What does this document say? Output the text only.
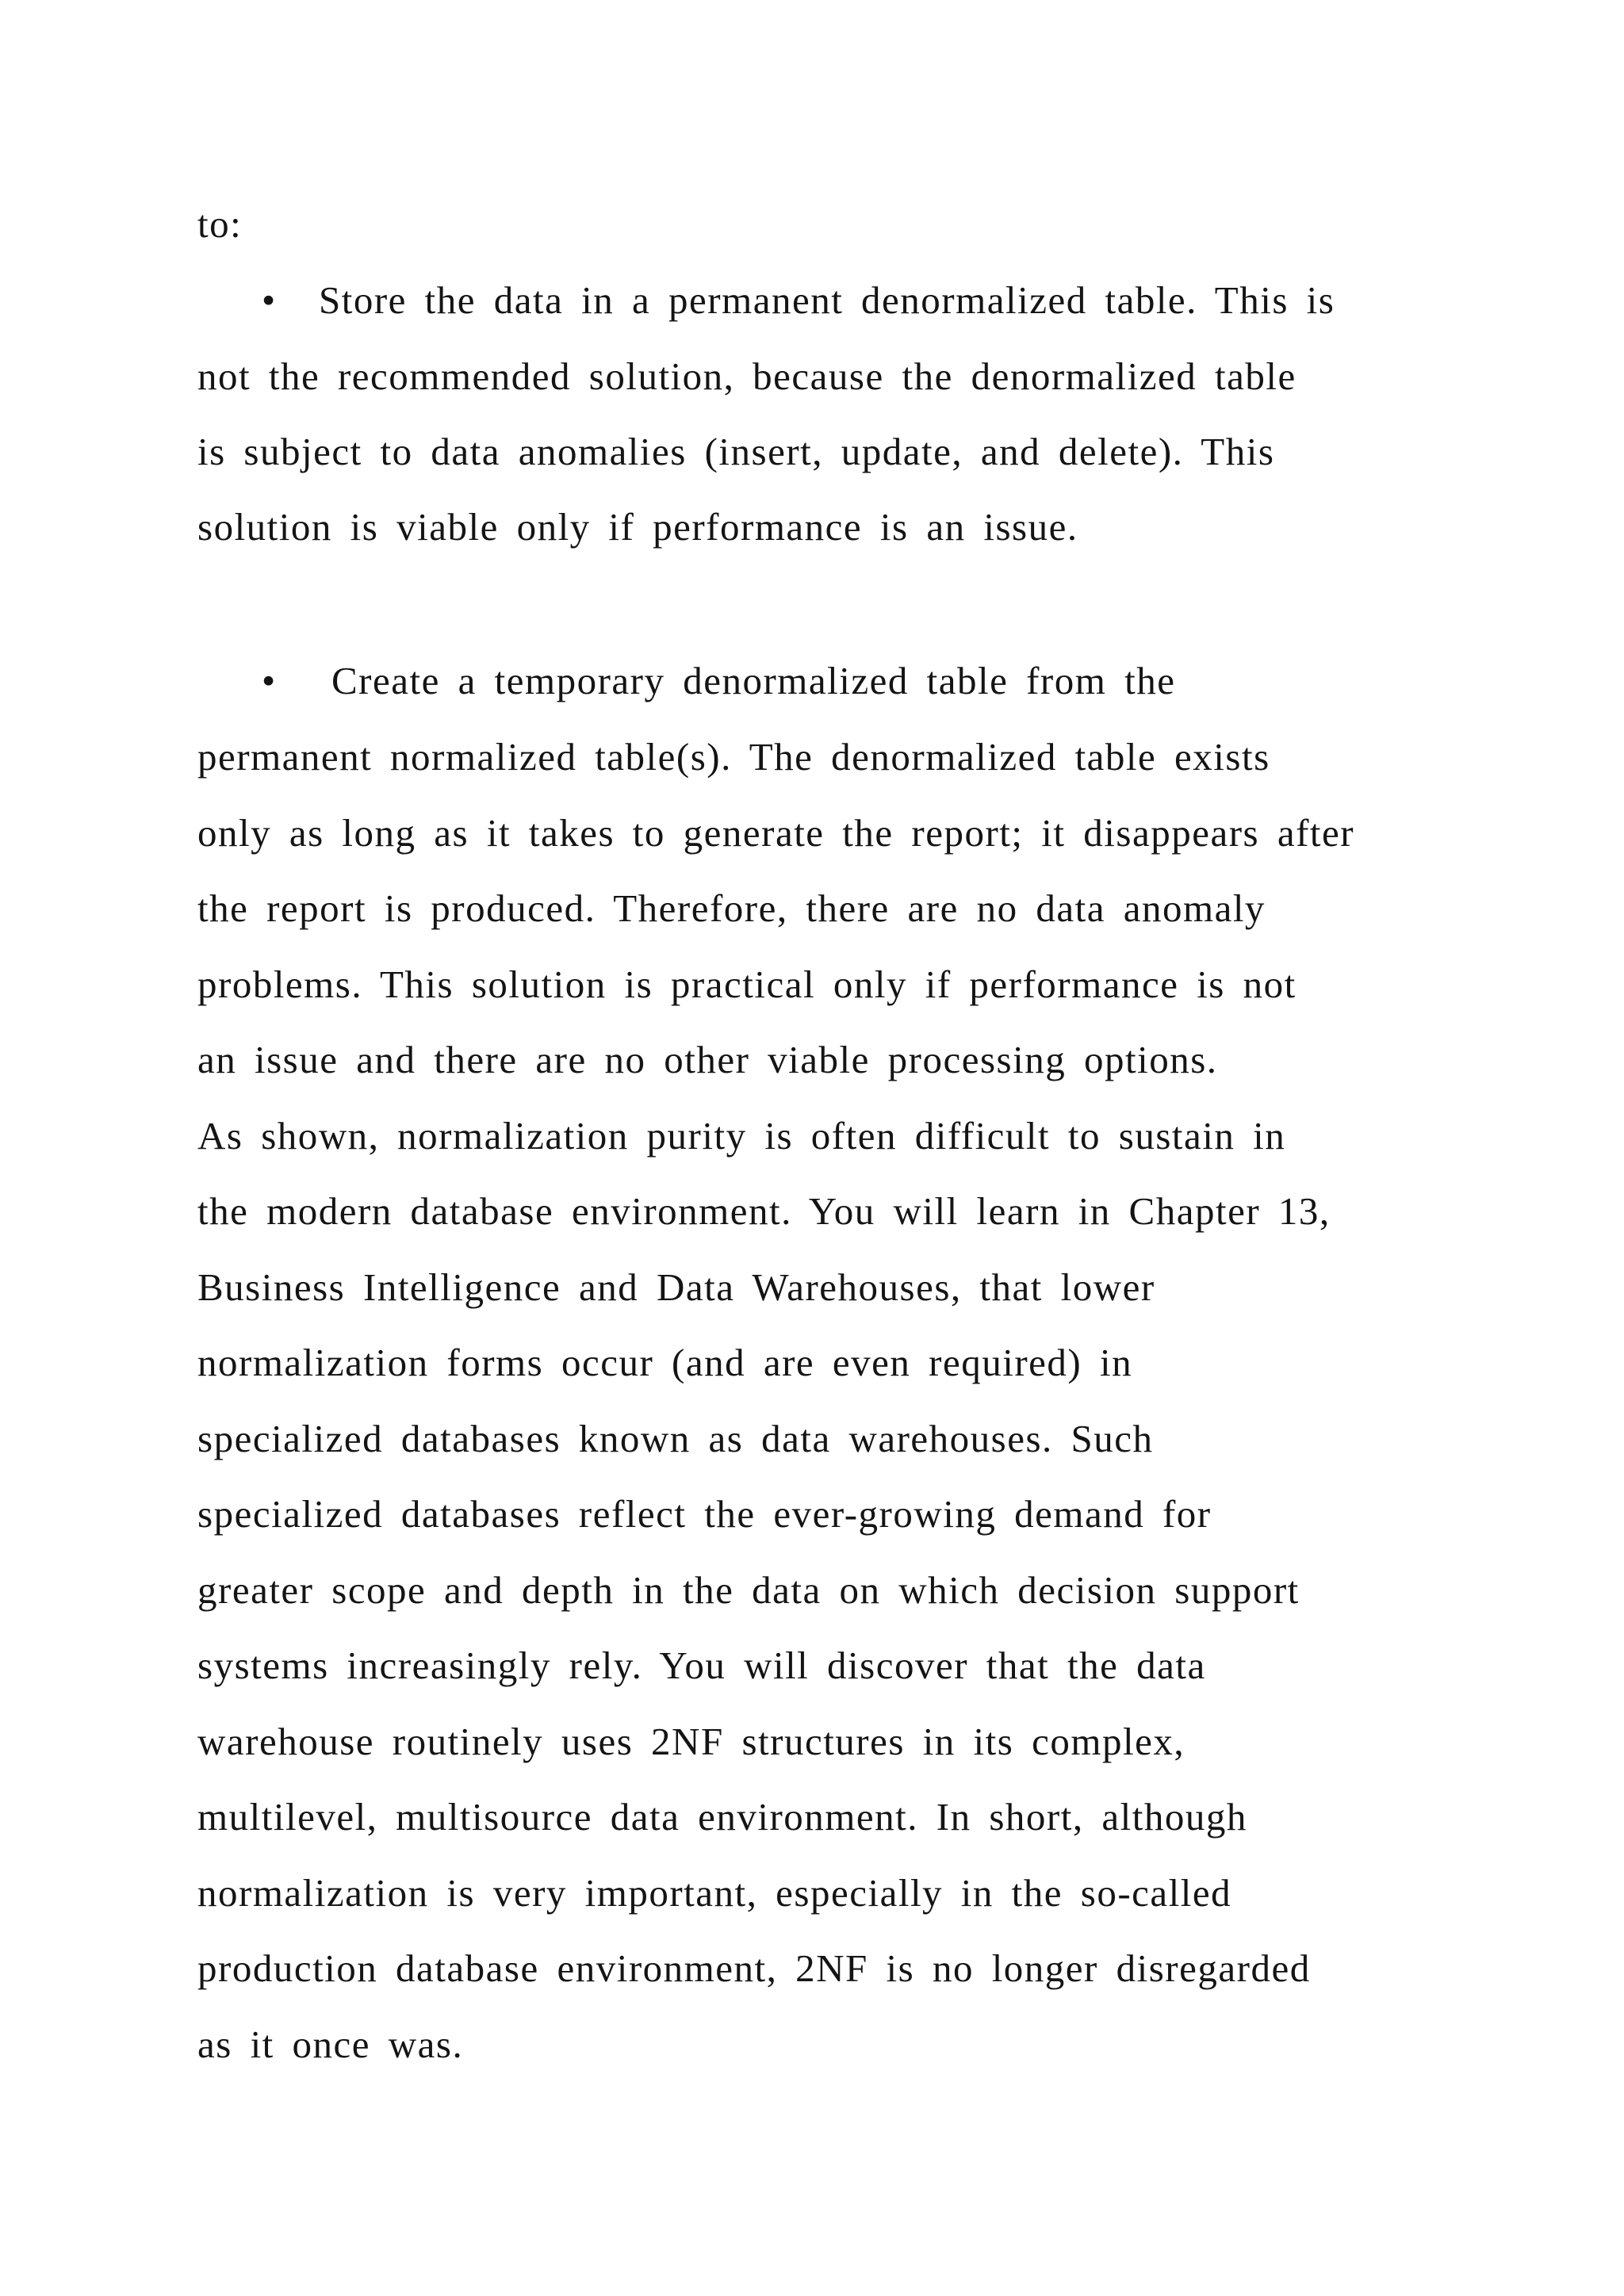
to:
• Store the data in a permanent denormalized table. This is
not the recommended solution, because the denormalized table
is subject to data anomalies (insert, update, and delete). This
solution is viable only if performance is an issue.
• Create a temporary denormalized table from the
permanent normalized table(s). The denormalized table exists
only as long as it takes to generate the report; it disappears after
the report is produced. Therefore, there are no data anomaly
problems. This solution is practical only if performance is not
an issue and there are no other viable processing options.
As shown, normalization purity is often difficult to sustain in
the modern database environment. You will learn in Chapter 13,
Business Intelligence and Data Warehouses, that lower
normalization forms occur (and are even required) in
specialized databases known as data warehouses. Such
specialized databases reflect the ever-growing demand for
greater scope and depth in the data on which decision support
systems increasingly rely. You will discover that the data
warehouse routinely uses 2NF structures in its complex,
multilevel, multisource data environment. In short, although
normalization is very important, especially in the so-called
production database environment, 2NF is no longer disregarded
as it once was.
